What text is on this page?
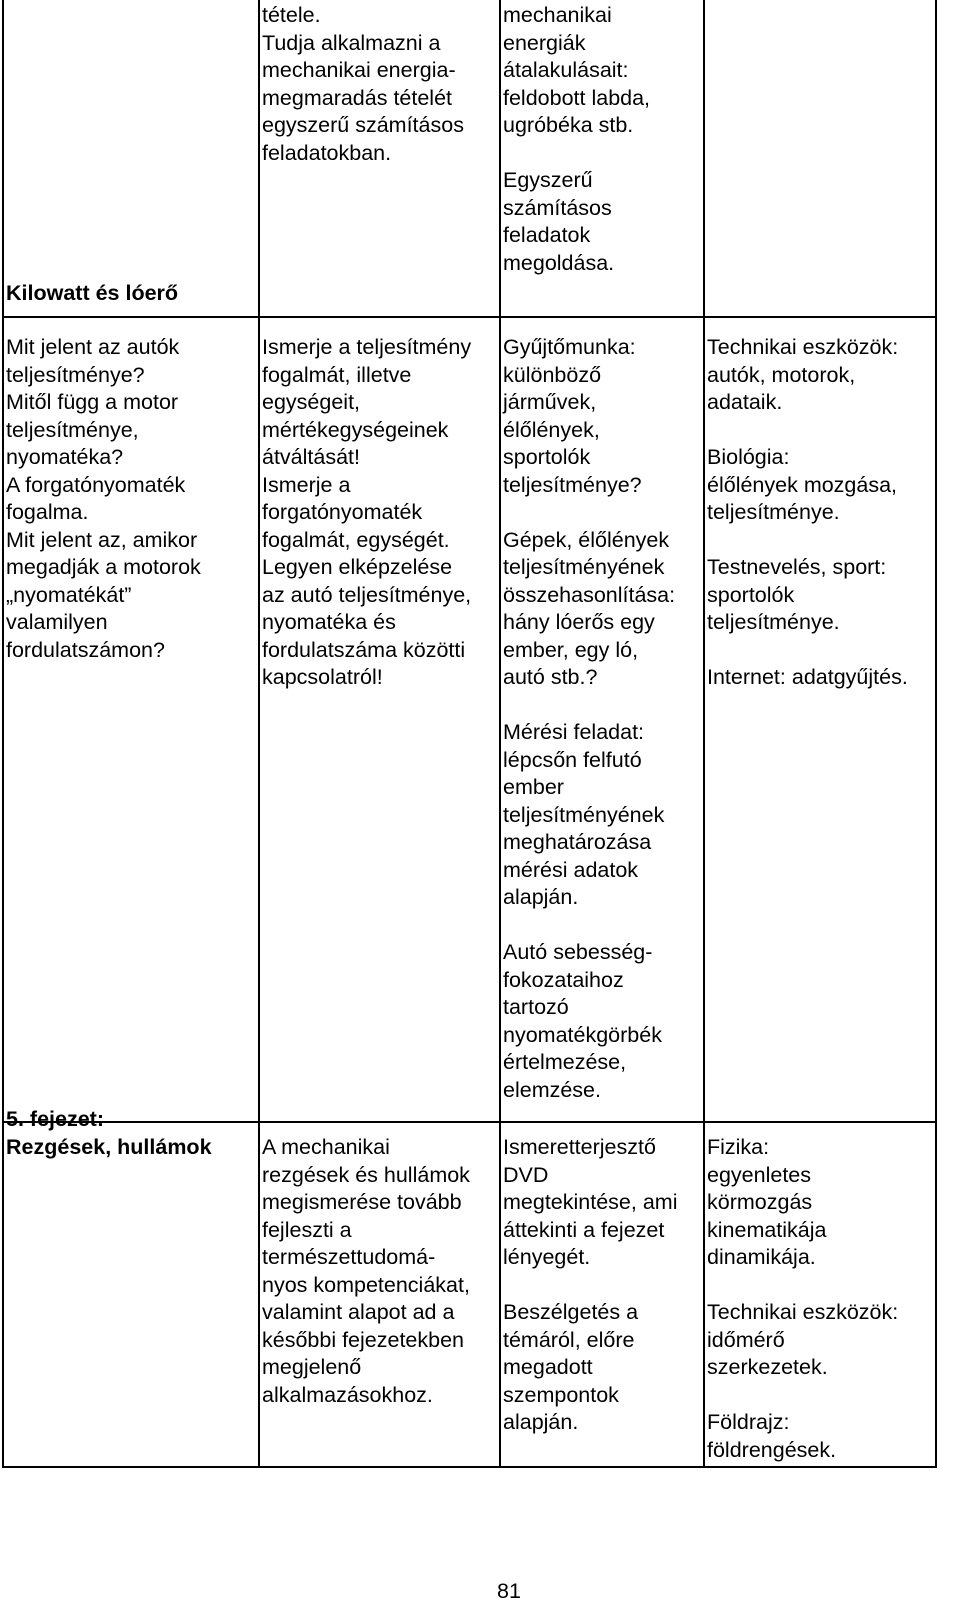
Kilowatt és lóerő
tétele.
Tudja alkalmazni a
mechanikai energia-
megmaradás tételét
egyszerű számításos
feladatokban.
mechanikai
energiák
átalakulásait:
feldobott labda,
ugróbéka stb.
Egyszerű
számításos
feladatok
megoldása.
Mit jelent az autók
teljesítménye?
Mitől függ a motor
teljesítménye,
nyomatéka?
A forgatónyomaték
fogalma.
Mit jelent az, amikor
megadják a motorok
„nyomatékát”
valamilyen
fordulatszámon?
Ismerje a teljesítmény
fogalmát, illetve
egységeit,
mértékegységeinek
átváltását!
Ismerje a
forgatónyomaték
fogalmát, egységét.
Legyen elképzelése
az autó teljesítménye,
nyomatéka és
fordulatszáma közötti
kapcsolatról!
Gyűjtőmunka:
különböző
járművek,
élőlények,
sportolók
teljesítménye?
Gépek, élőlények
teljesítményének
összehasonlítása:
hány lóerős egy
ember, egy ló,
autó stb.?
Mérési feladat:
lépcsőn felfutó
ember
teljesítményének
meghatározása
mérési adatok
alapján.
Autó sebesség-
fokozataihoz
tartozó
nyomatékgörbék
értelmezése,
elemzése.
Technikai eszközök:
autók, motorok,
adataik.
Biológia:
élőlények mozgása,
teljesítménye.
Testnevelés, sport:
sportolók
teljesítménye.
Internet: adatgyűjtés.
5. fejezet:
Rezgések, hullámok	A mechanikai
rezgések és hullámok
megismerése tovább
fejleszti a
természettudomá-
nyos kompetenciákat,
valamint alapot ad a
későbbi fejezetekben
megjelenő
alkalmazásokhoz.
Ismeretterjesztő
DVD
megtekintése, ami
áttekinti a fejezet
lényegét.
Beszélgetés a
témáról, előre
megadott
szempontok
alapján.
Fizika:
egyenletes
körmozgás
kinematikája
dinamikája.
Technikai eszközök:
időmérő
szerkezetek.
Földrajz:
földrengések.
81
